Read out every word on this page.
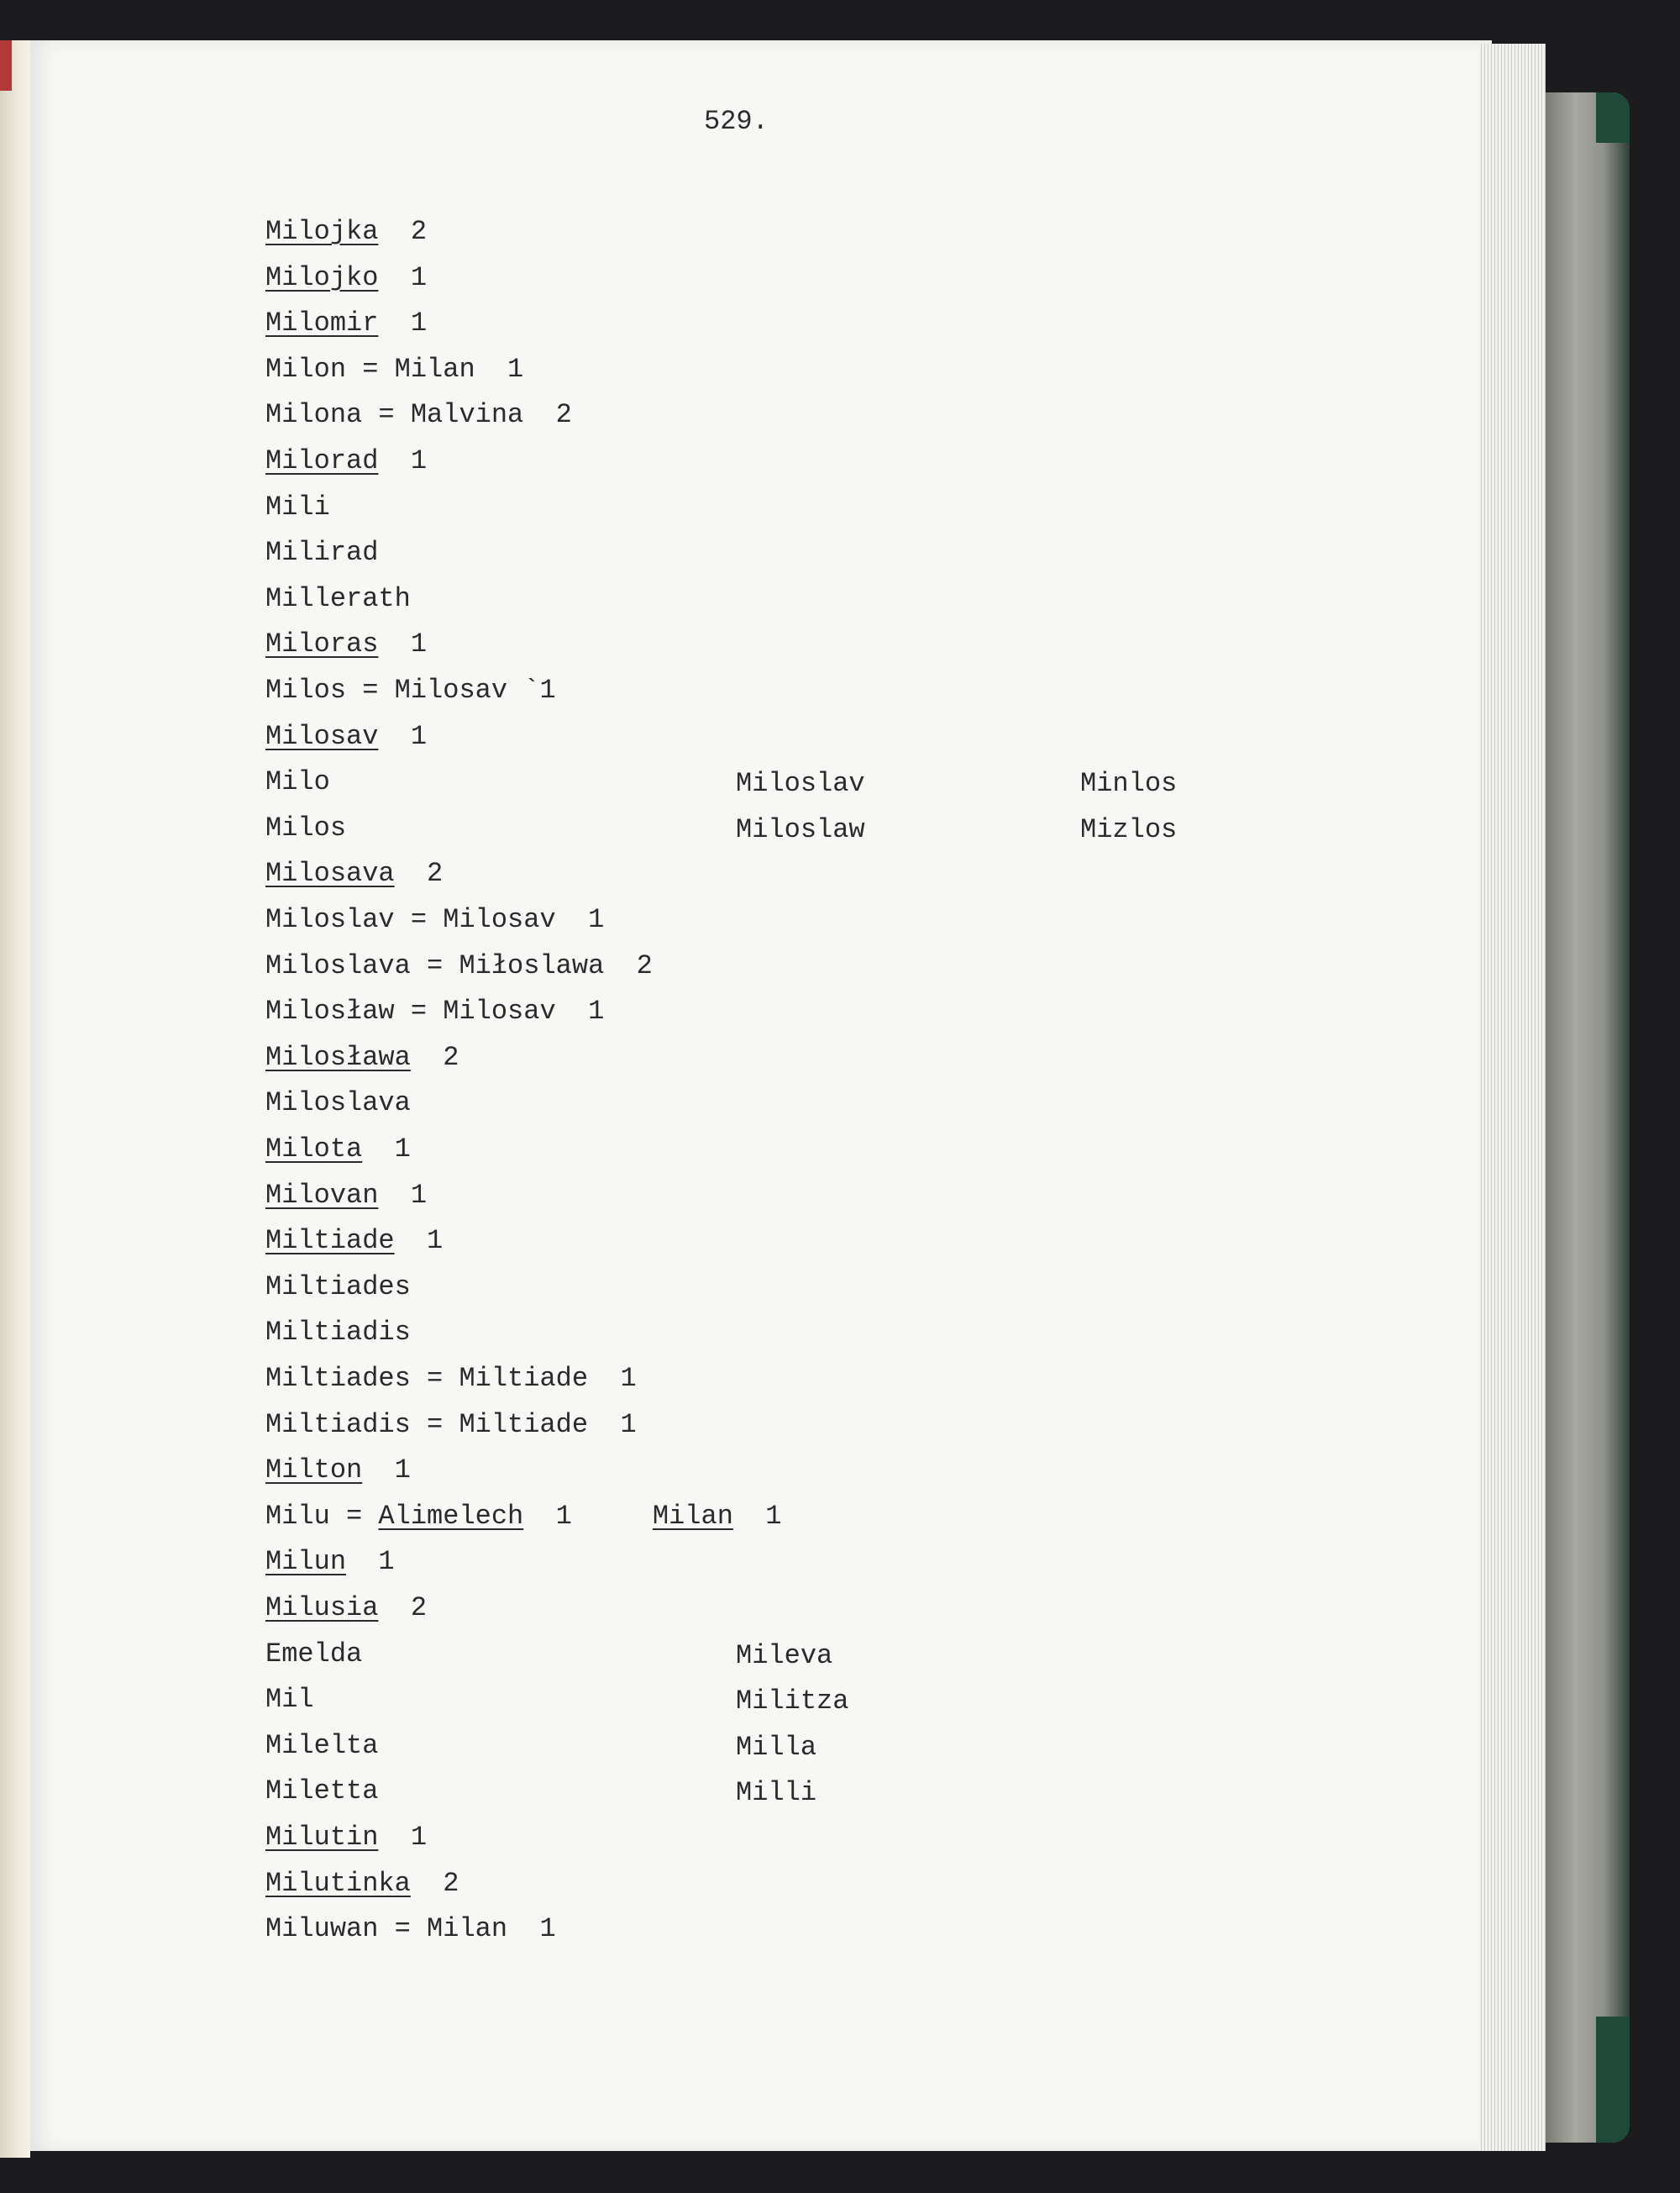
529.
Milojka  2
Milojko  1
Milomir  1
Milon = Milan  1
Milona = Malvina  2
Milorad  1
Mili
Milirad
Millerath
Miloras  1
Milos = Milosav `1
Milosav  1
Milo
Milos
Milosava  2
Miloslav = Milosav  1
Miloslava = Miłoslawa  2
Milosław = Milosav  1
Milosława  2
Miloslava
Milota  1
Milovan  1
Miltiade  1
Miltiades
Miltiadis
Miltiades = Miltiade  1
Miltiadis = Miltiade  1
Milton  1
Milu = Alimelech  1     Milan  1
Milun  1
Milusia  2
Emelda
Mil
Milelta
Miletta
Milutin  1
Milutinka  2
Miluwan = Milan  1
Miloslav
Miloslaw
Mileva
Militza
Milla
Milli
Minlos
Mizlos
